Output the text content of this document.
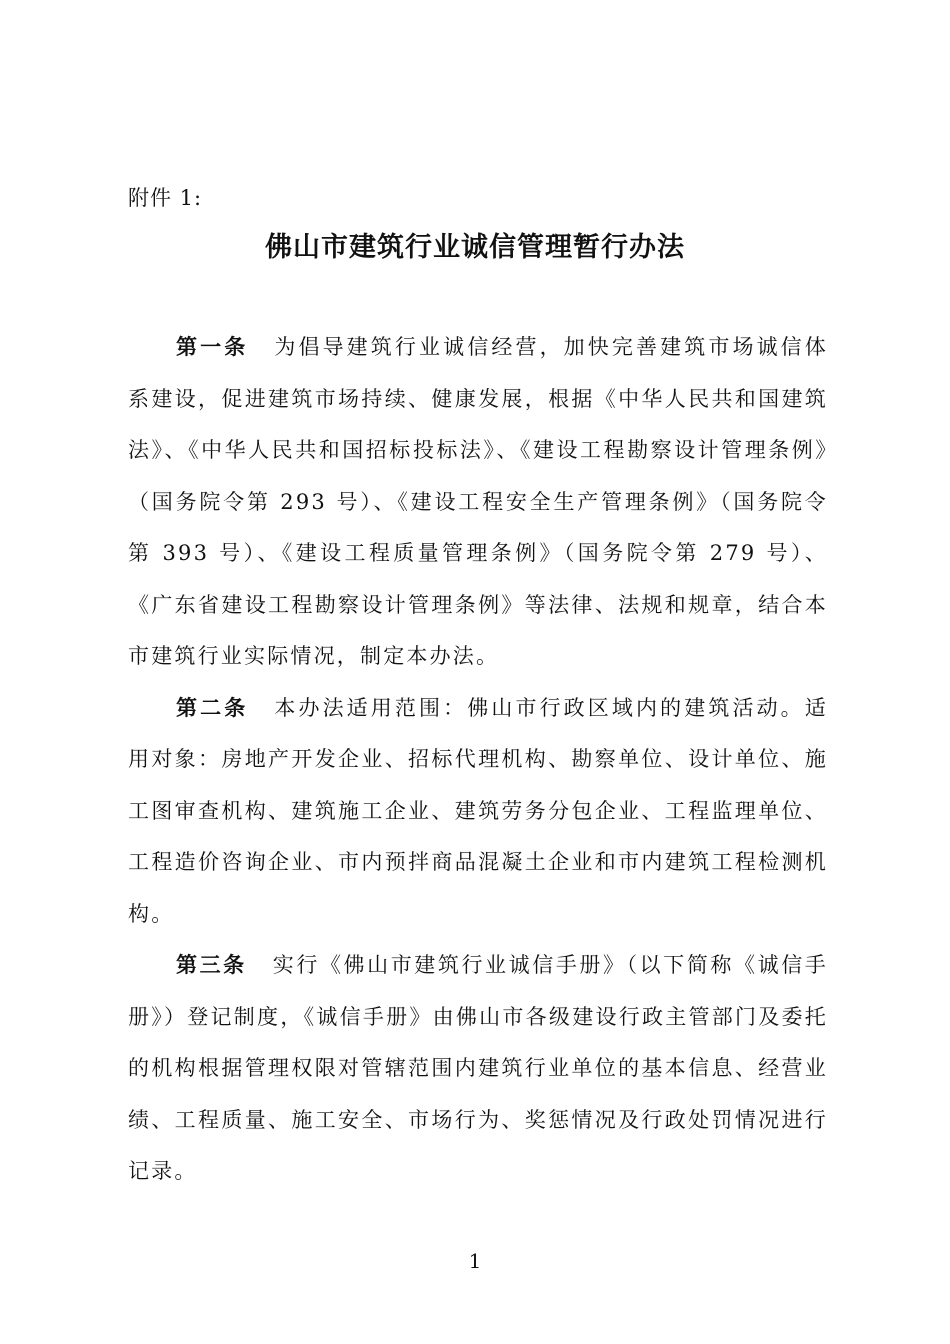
附件 1:
佛山市建筑行业诚信管理暂行办法

第一条 为倡导建筑行业诚信经营，加快完善建筑市场诚信体系建设，促进建筑市场持续、健康发展，根据《中华人民共和国建筑法》、《中华人民共和国招标投标法》、《建设工程勘察设计管理条例》（国务院令第 293 号）、《建设工程安全生产管理条例》（国务院令第 393 号）、《建设工程质量管理条例》（国务院令第 279 号）、《广东省建设工程勘察设计管理条例》等法律、法规和规章，结合本市建筑行业实际情况，制定本办法。

第二条 本办法适用范围：佛山市行政区域内的建筑活动。适用对象：房地产开发企业、招标代理机构、勘察单位、设计单位、施工图审查机构、建筑施工企业、建筑劳务分包企业、工程监理单位、工程造价咨询企业、市内预拌商品混凝土企业和市内建筑工程检测机构。

第三条 实行《佛山市建筑行业诚信手册》（以下简称《诚信手册》）登记制度，《诚信手册》由佛山市各级建设行政主管部门及委托的机构根据管理权限对管辖范围内建筑行业单位的基本信息、经营业绩、工程质量、施工安全、市场行为、奖惩情况及行政处罚情况进行记录。

1
